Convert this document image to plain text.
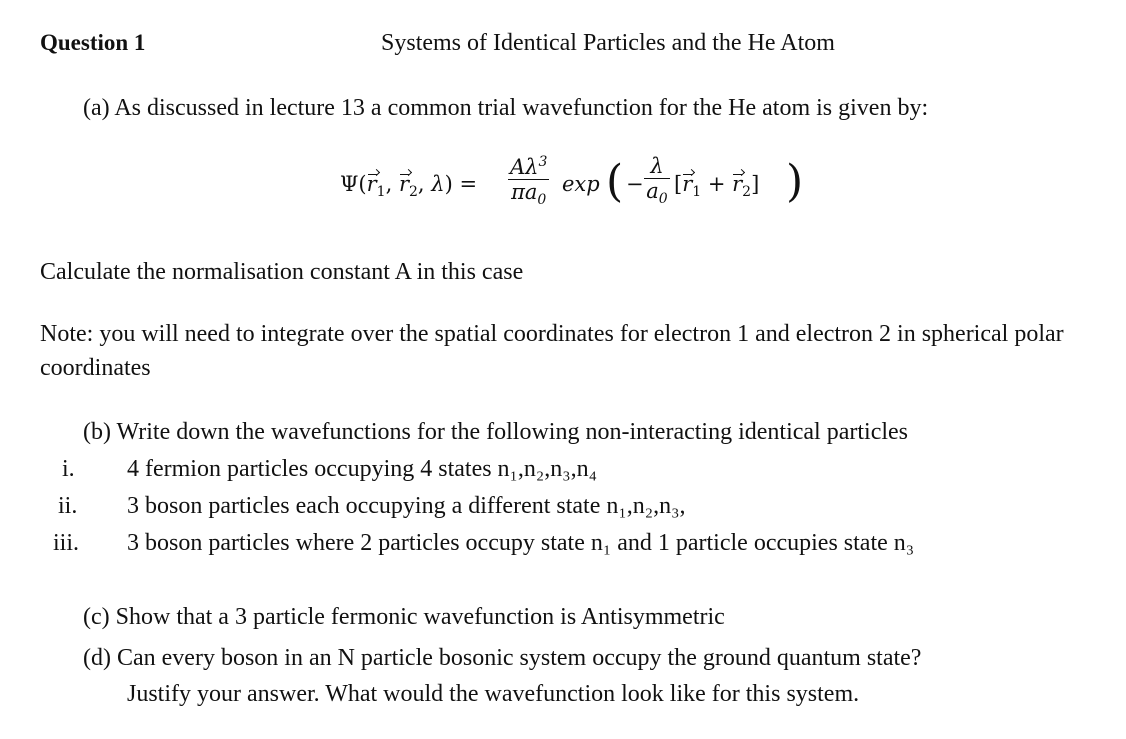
Question 1	Systems of Identical Particles and the He Atom
(a) As discussed in lecture 13 a common trial wavefunction for the He atom is given by:
$\Psi(r_1$, $r_2$, λ) =
$A\lambda^3$
$\pi a_0$
exp ( −
λ
$a_0$
$[r_1 + r_2]$ )
Calculate the normalisation constant A in this case
Note: you will need to integrate over the spatial coordinates for electron 1 and electron 2 in spherical polar coordinates
(b) Write down the wavefunctions for the following non-interacting identical particles
i.	4 fermion particles occupying 4 states n₁,n₂,n₃,n₄
ii.	3 boson particles each occupying a different state n₁,n₂,n₃,
iii.	3 boson particles where 2 particles occupy state n₁ and 1 particle occupies state n₃
(c) Show that a 3 particle fermonic wavefunction is Antisymmetric
(d) Can every boson in an N particle bosonic system occupy the ground quantum state?
Justify your answer. What would the wavefunction look like for this system.
